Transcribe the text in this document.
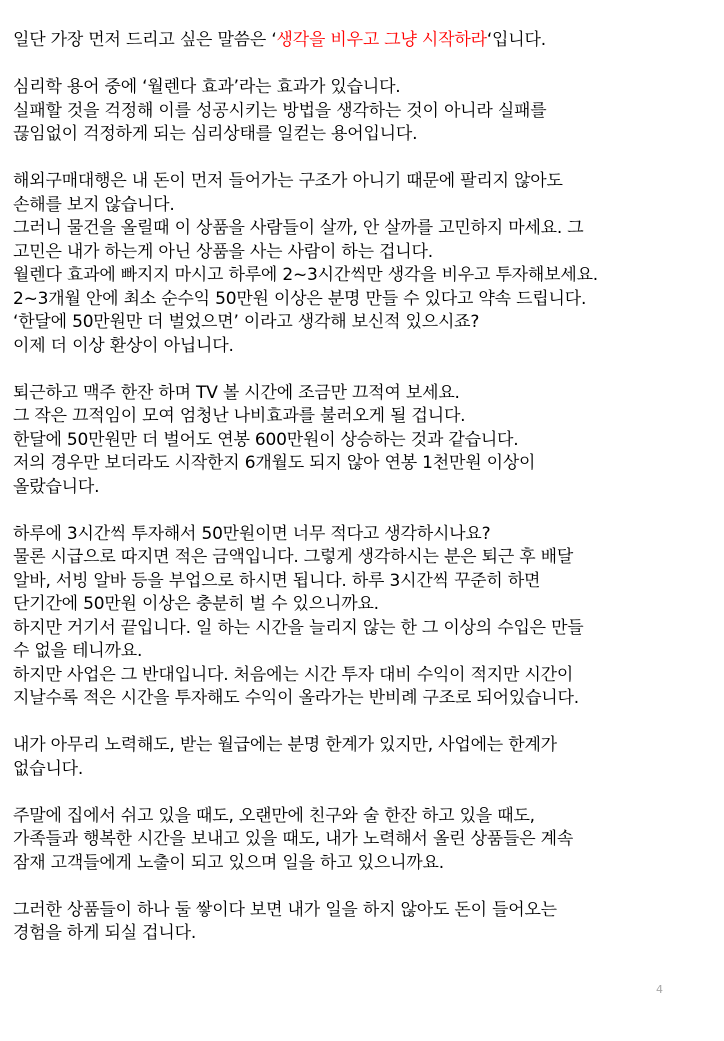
일단 가장 먼저 드리고 싶은 말씀은 ‘생각을 비우고 그냥 시작하라‘입니다.
심리학 용어 중에 ‘월렌다 효과’라는 효과가 있습니다.
실패할 것을 걱정해 이를 성공시키는 방법을 생각하는 것이 아니라 실패를
끊임없이 걱정하게 되는 심리상태를 일컫는 용어입니다.
해외구매대행은 내 돈이 먼저 들어가는 구조가 아니기 때문에 팔리지 않아도
손해를 보지 않습니다.
그러니 물건을 올릴때 이 상품을 사람들이 살까, 안 살까를 고민하지 마세요. 그
고민은 내가 하는게 아닌 상품을 사는 사람이 하는 겁니다.
월렌다 효과에 빠지지 마시고 하루에 2~3시간씩만 생각을 비우고 투자해보세요.
2~3개월 안에 최소 순수익 50만원 이상은 분명 만들 수 있다고 약속 드립니다.
‘한달에 50만원만 더 벌었으면’ 이라고 생각해 보신적 있으시죠?
이제 더 이상 환상이 아닙니다.
퇴근하고 맥주 한잔 하며 TV 볼 시간에 조금만 끄적여 보세요.
그 작은 끄적임이 모여 엄청난 나비효과를 불러오게 될 겁니다.
한달에 50만원만 더 벌어도 연봉 600만원이 상승하는 것과 같습니다.
저의 경우만 보더라도 시작한지 6개월도 되지 않아 연봉 1천만원 이상이
올랐습니다.
하루에 3시간씩 투자해서 50만원이면 너무 적다고 생각하시나요?
물론 시급으로 따지면 적은 금액입니다. 그렇게 생각하시는 분은 퇴근 후 배달
알바, 서빙 알바 등을 부업으로 하시면 됩니다. 하루 3시간씩 꾸준히 하면
단기간에 50만원 이상은 충분히 벌 수 있으니까요.
하지만 거기서 끝입니다. 일 하는 시간을 늘리지 않는 한 그 이상의 수입은 만들
수 없을 테니까요.
하지만 사업은 그 반대입니다. 처음에는 시간 투자 대비 수익이 적지만 시간이
지날수록 적은 시간을 투자해도 수익이 올라가는 반비례 구조로 되어있습니다.
내가 아무리 노력해도, 받는 월급에는 분명 한계가 있지만, 사업에는 한계가
없습니다.
주말에 집에서 쉬고 있을 때도, 오랜만에 친구와 술 한잔 하고 있을 때도,
가족들과 행복한 시간을 보내고 있을 때도, 내가 노력해서 올린 상품들은 계속
잠재 고객들에게 노출이 되고 있으며 일을 하고 있으니까요.
그러한 상품들이 하나 둘 쌓이다 보면 내가 일을 하지 않아도 돈이 들어오는
경험을 하게 되실 겁니다.
4
